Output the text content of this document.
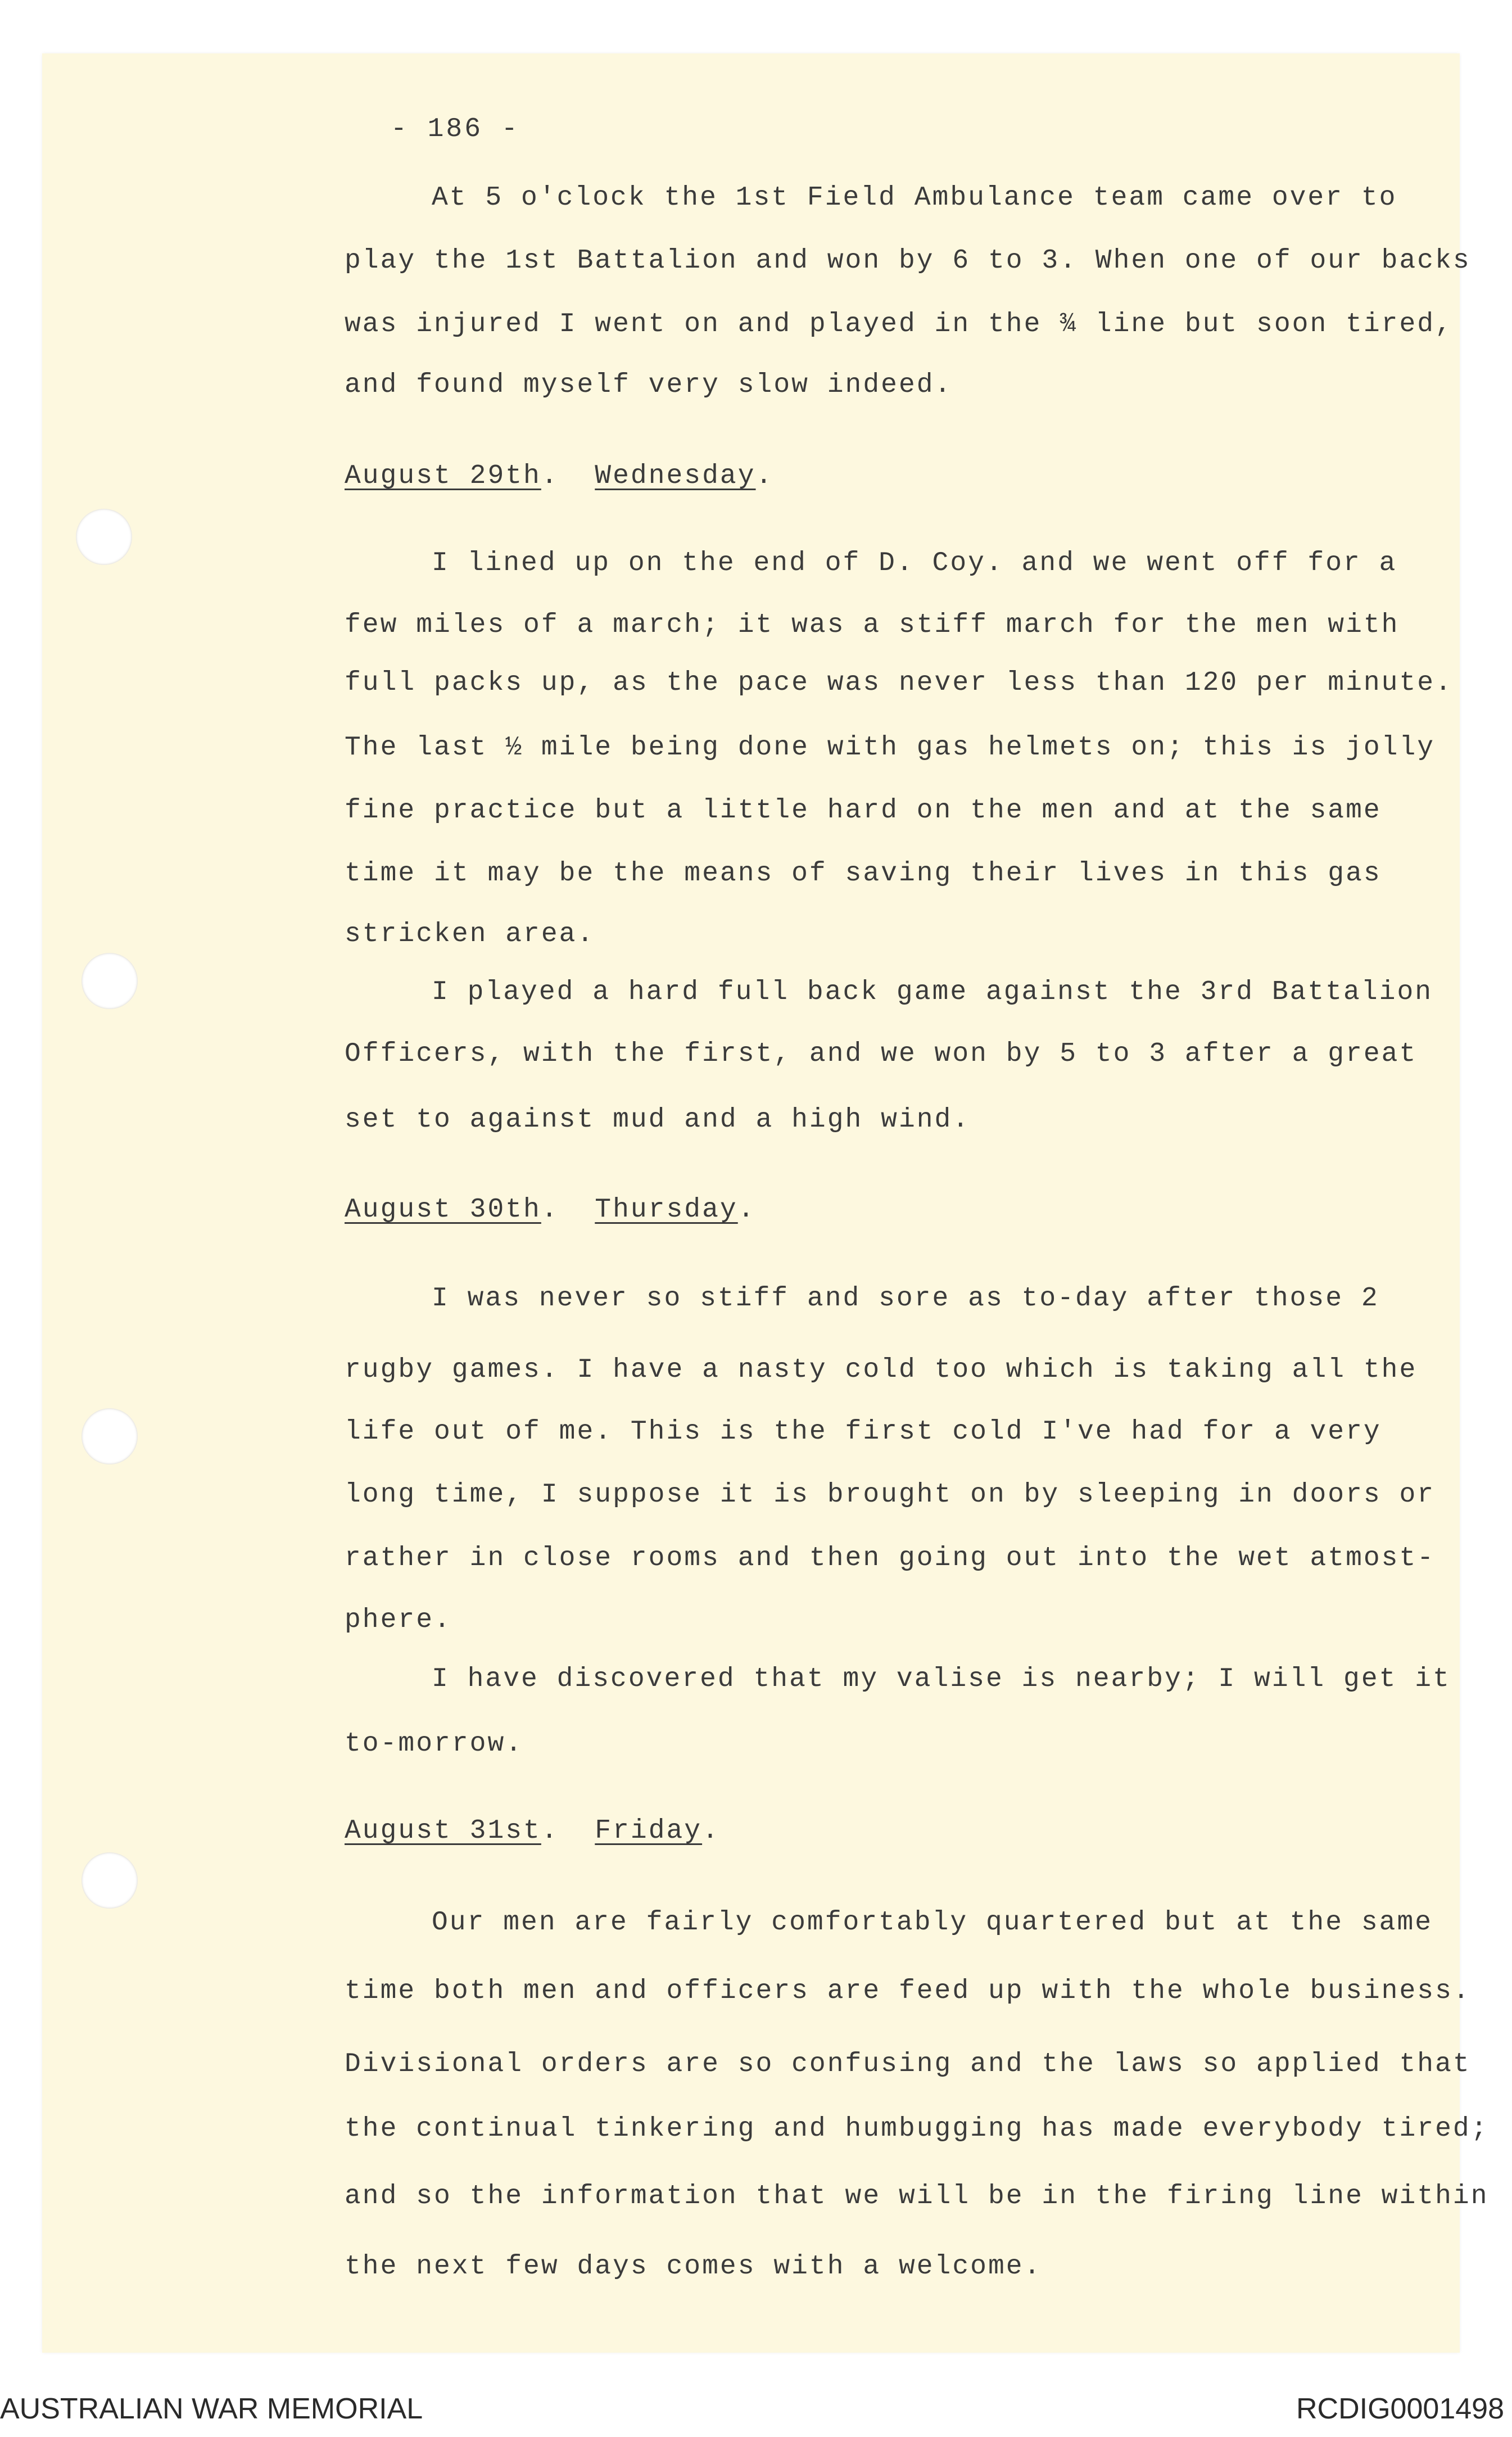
- 186 -
At 5 o'clock the 1st Field Ambulance team came over to
play the 1st Battalion and won by 6 to 3. When one of our backs
was injured I went on and played in the ¾ line but soon tired,
and found myself very slow indeed.
August 29th.  Wednesday.
I lined up on the end of D. Coy. and we went off for a
few miles of a march; it was a stiff march for the men with
full packs up, as the pace was never less than 120 per minute.
The last ½ mile being done with gas helmets on; this is jolly
fine practice but a little hard on the men and at the same
time it may be the means of saving their lives in this gas
stricken area.
I played a hard full back game against the 3rd Battalion
Officers, with the first, and we won by 5 to 3 after a great
set to against mud and a high wind.
August 30th.  Thursday.
I was never so stiff and sore as to-day after those 2
rugby games. I have a nasty cold too which is taking all the
life out of me. This is the first cold I've had for a very
long time, I suppose it is brought on by sleeping in doors or
rather in close rooms and then going out into the wet atmost-
phere.
I have discovered that my valise is nearby; I will get it
to-morrow.
August 31st.  Friday.
Our men are fairly comfortably quartered but at the same
time both men and officers are feed up with the whole business.
Divisional orders are so confusing and the laws so applied that
the continual tinkering and humbugging has made everybody tired;
and so the information that we will be in the firing line within
the next few days comes with a welcome.
AUSTRALIAN WAR MEMORIAL	RCDIG0001498
